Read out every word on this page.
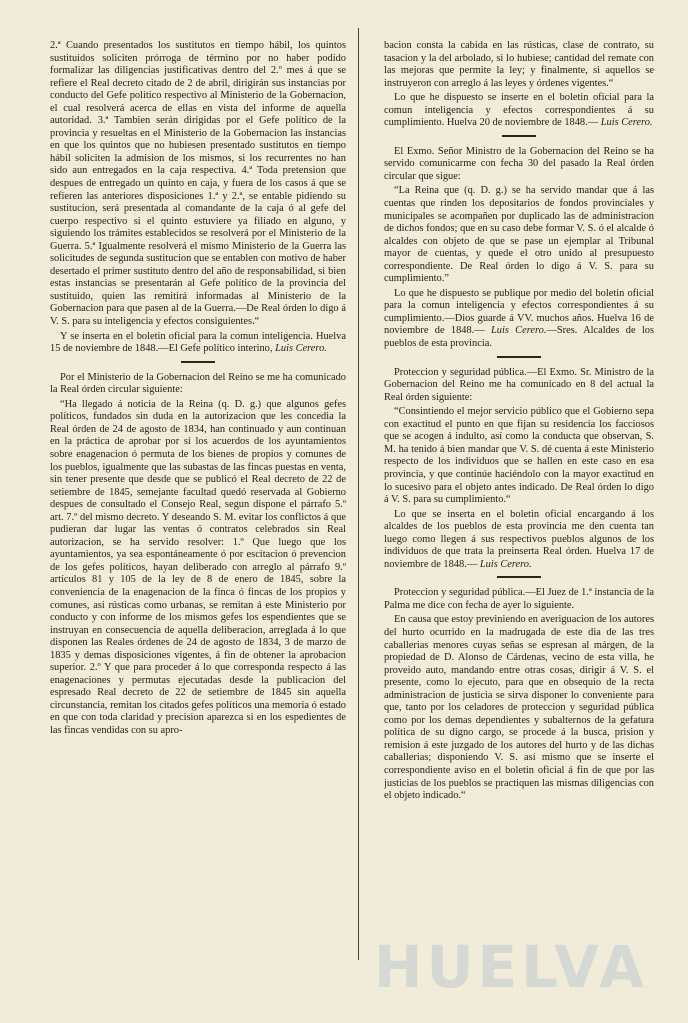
2.ª Cuando presentados los sustitutos en tiempo hábil, los quintos sustituidos soliciten prórroga de término por no haber podido formalizar las diligencias justificativas dentro del 2.º mes á que se refiere el Real decreto citado de 2 de abril, dirigirán sus instancias por conducto del Gefe político respectivo al Ministerio de la Gobernacion, el cual resolverá acerca de ellas en vista del informe de aquella autoridad. 3.ª Tambien serán dirigidas por el Gefe político de la provincia y resueltas en el Ministerio de la Gobernacion las instancias en que los quintos que no hubiesen presentado sustitutos en tiempo hábil soliciten la admision de los mismos, si los recurrentes no han sido aun entregados en la caja respectiva. 4.ª Toda pretension que despues de entregado un quinto en caja, y fuera de los casos á que se refieren las anteriores disposiciones 1.ª y 2.ª, se entable pidiendo su sustitucion, será presentada al comandante de la caja ó al gefe del cuerpo respectivo si el quinto estuviere ya filiado en alguno, y siguiendo los trámites establecidos se resolverá por el Ministerio de la Guerra. 5.ª Igualmente resolverá el mismo Ministerio de la Guerra las solicitudes de segunda sustitucion que se entablen con motivo de haber desertado el primer sustituto dentro del año de responsabilidad, si bien estas instancias se presentarán al Gefe político de la provincia del sustituido, quien las remitirá informadas al Ministerio de la Gobernacion para que pasen al de la Guerra.—De Real órden lo digo á V. S. para su inteligencia y efectos consiguientes.“

Y se inserta en el boletin oficial para la comun inteligencia. Huelva 15 de noviembre de 1848.—El Gefe político interino, Luis Cerero.

Por el Ministerio de la Gobernacion del Reino se me ha comunicado la Real órden circular siguiente:

“Ha llegado á noticia de la Reina (q. D. g.) que algunos gefes políticos, fundados sin duda en la autorizacion que les concedia la Real órden de 24 de agosto de 1834, han continuado y aun continuan en la práctica de aprobar por sí los acuerdos de los ayuntamientos sobre enagenacion ó permuta de los bienes de propios y comunes de los pueblos, igualmente que las subastas de las fincas puestas en venta, sin tener presente que desde que se publicó el Real decreto de 22 de setiembre de 1845, semejante facultad quedó reservada al Gobierno despues de consultado el Consejo Real, segun dispone el párrafo 5.º art. 7.º del mismo decreto. Y deseando S. M. evitar los conflictos á que pudieran dar lugar las ventas ó contratos celebrados sin Real autorizacion, se ha servido resolver: 1.º Que luego que los ayuntamientos, ya sea espontáneamente ó por escitacion ó prevencion de los gefes políticos, hayan deliberado con arreglo al párrafo 9.º artículos 81 y 105 de la ley de 8 de enero de 1845, sobre la conveniencia de la enagenacion de la finca ó fincas de los propios y comunes, asi rústicas como urbanas, se remitan á este Ministerio por conducto y con informe de los mismos gefes los espendientes que se instruyan en consecuencia de aquella deliberacion, arreglada á lo que disponen las Reales órdenes de 24 de agosto de 1834, 3 de marzo de 1835 y demas disposiciones vigentes, á fin de obtener la aprobacion superior. 2.º Y que para proceder á lo que corresponda respecto á las enagenaciones y permutas ejecutadas desde la publicacion del espresado Real decreto de 22 de setiembre de 1845 sin aquella circunstancia, remitan los citados gefes políticos una memoria ó estado en que con toda claridad y precision aparezca si en los espedientes de las fincas vendidas con su apro-

bacion consta la cabida en las rústicas, clase de contrato, su tasacion y la del arbolado, si lo hubiese; cantidad del remate con las mejoras que permite la ley; y finalmente, si aquellos se instruyeron con arreglo á las leyes y órdenes vigentes.“

Lo que he dispuesto se inserte en el boletin oficial para la comun inteligencia y efectos correspondientes á su cumplimiento. Huelva 20 de noviembre de 1848.— Luis Cerero.

El Exmo. Señor Ministro de la Gobernacion del Reino se ha servido comunicarme con fecha 30 del pasado la Real órden circular que sigue:

“La Reina que (q. D. g.) se ha servido mandar que á las cuentas que rinden los depositarios de fondos provinciales y municipales se acompañen por duplicado las de administracion de dichos fondos; que en su caso debe formar V. S. ó el alcalde ó alcaldes con objeto de que se pase un ejemplar al Tribunal mayor de cuentas, y quede el otro unido al presupuesto correspondiente. De Real órden lo digo á V. S. para su cumplimiento.”

Lo que he dispuesto se publique por medio del boletin oficial para la comun inteligencia y efectos correspondientes á su cumplimiento.—Dios guarde á VV. muchos años. Huelva 16 de noviembre de 1848.— Luis Cerero.—Sres. Alcaldes de los pueblos de esta provincia.

Proteccion y seguridad pública.—El Exmo. Sr. Ministro de la Gobernacion del Reino me ha comunicado en 8 del actual la Real órden siguiente:

“Consintiendo el mejor servicio público que el Gobierno sepa con exactitud el punto en que fijan su residencia los facciosos que se acogen á indulto, así como la conducta que observan, S. M. ha tenido á bien mandar que V. S. dé cuenta á este Ministerio respecto de los individuos que se hallen en este caso en esa provincia, y que continúe haciéndolo con la mayor exactitud en lo sucesivo para el objeto antes indicado. De Real órden lo digo á V. S. para su cumplimiento.“

Lo que se inserta en el boletin oficial encargando á los alcaldes de los pueblos de esta provincia me den cuenta tan luego como llegen á sus respectivos pueblos algunos de los individuos de que trata la preinserta Real órden. Huelva 17 de noviembre de 1848.— Luis Cerero.

Proteccion y seguridad pública.—El Juez de 1.ª instancia de la Palma me dice con fecha de ayer lo siguiente.

En causa que estoy previniendo en averiguacion de los autores del hurto ocurrido en la madrugada de este dia de las tres caballerias menores cuyas señas se espresan al márgen, de la propiedad de D. Alonso de Cárdenas, vecino de esta villa, he proveido auto, mandando entre otras cosas, dirigir á V. S. el presente, como lo ejecuto, para que en obsequio de la recta administracion de justicia se sirva disponer lo conveniente para que, tanto por los celadores de proteccion y seguridad pública como por los demas dependientes y subalternos de la gefatura política de su digno cargo, se procede á la busca, prision y remision á este juzgado de los autores del hurto y de las dichas caballerias; disponiendo V. S. así mismo que se inserte el correspondiente aviso en el boletin oficial á fin de que por las justicias de los pueblos se practiquen las mismas diligencias con el objeto indicado.“

HUELVA
